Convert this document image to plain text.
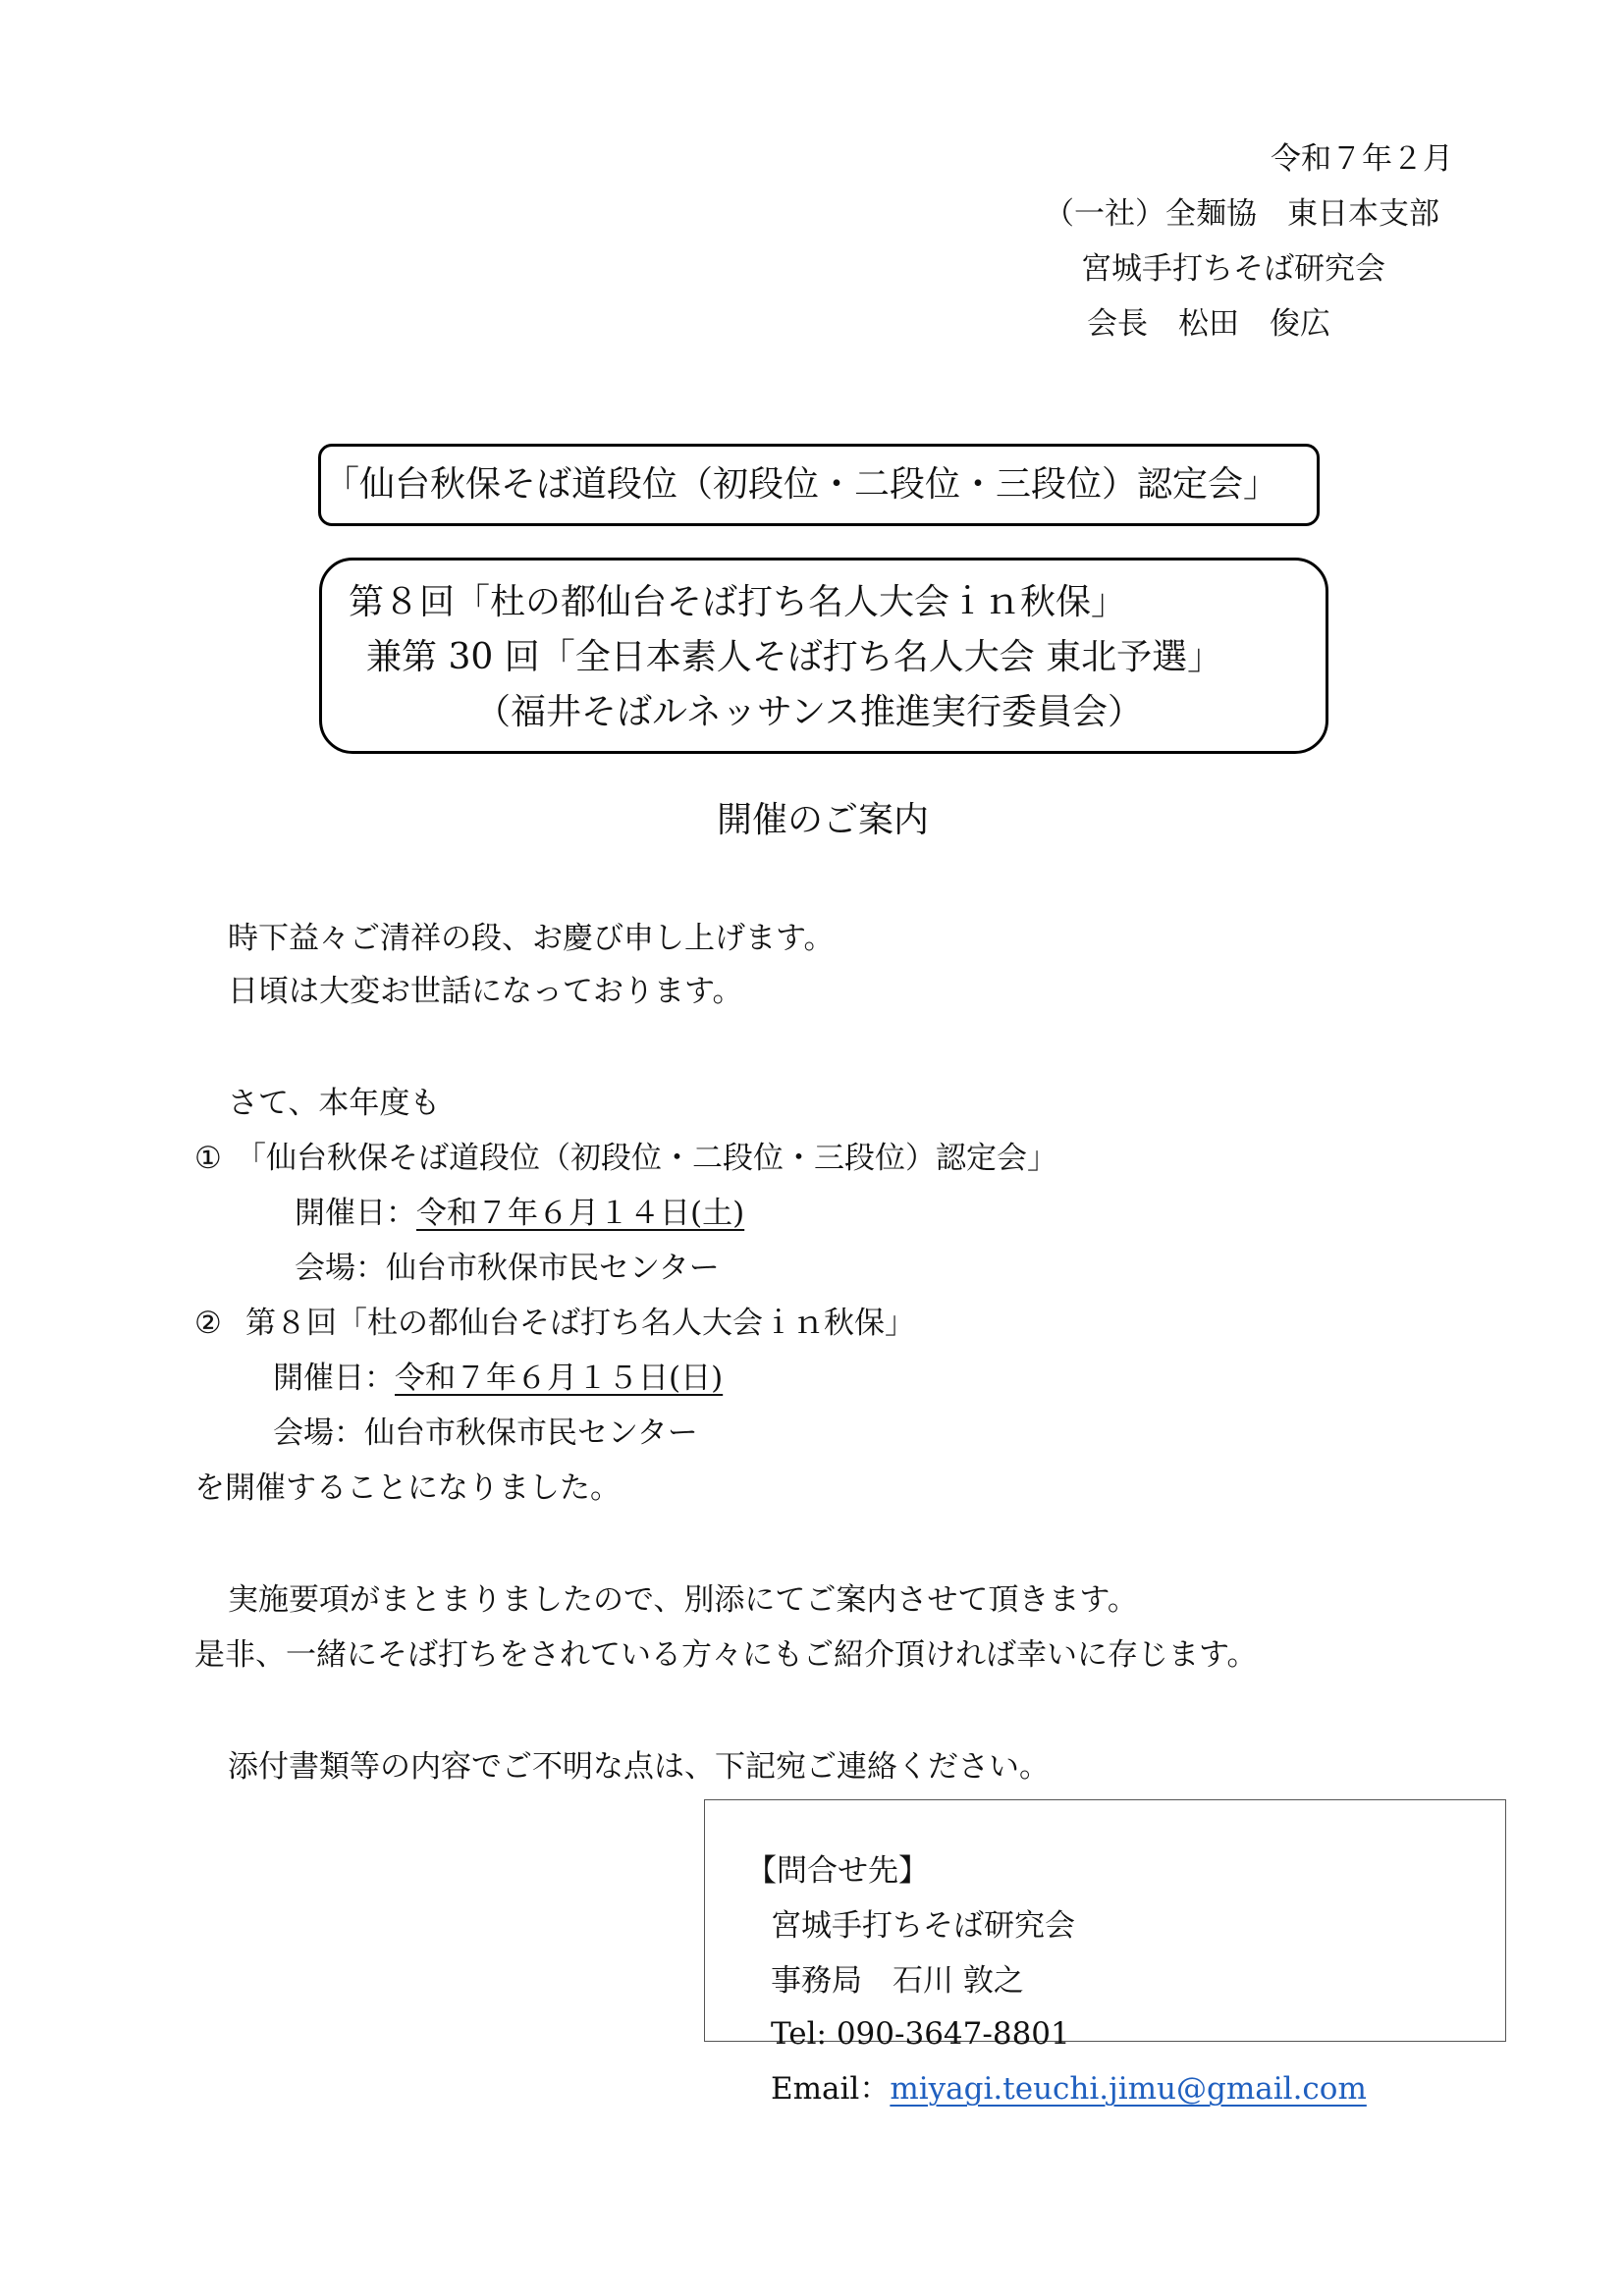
令和７年２月
（一社）全麺協　東日本支部
宮城手打ちそば研究会
会長　松田　俊広
「仙台秋保そば道段位（初段位・二段位・三段位）認定会」
第８回「杜の都仙台そば打ち名人大会ｉｎ秋保」
兼第 30 回「全日本素人そば打ち名人大会 東北予選」
（福井そばルネッサンス推進実行委員会）
開催のご案内
時下益々ご清祥の段、お慶び申し上げます。
日頃は大変お世話になっております。
さて、本年度も
① 「仙台秋保そば道段位（初段位・二段位・三段位）認定会」
開催日：令和７年６月１４日(土)
会場：仙台市秋保市民センター
② 第８回「杜の都仙台そば打ち名人大会ｉｎ秋保」
開催日：令和７年６月１５日(日)
会場：仙台市秋保市民センター
を開催することになりました。
実施要項がまとまりましたので、別添にてご案内させて頂きます。
是非、一緒にそば打ちをされている方々にもご紹介頂ければ幸いに存じます。
添付書類等の内容でご不明な点は、下記宛ご連絡ください。
【問合せ先】
宮城手打ちそば研究会
事務局　石川 敦之
Tel: 090-3647-8801
Email：miyagi.teuchi.jimu@gmail.com
